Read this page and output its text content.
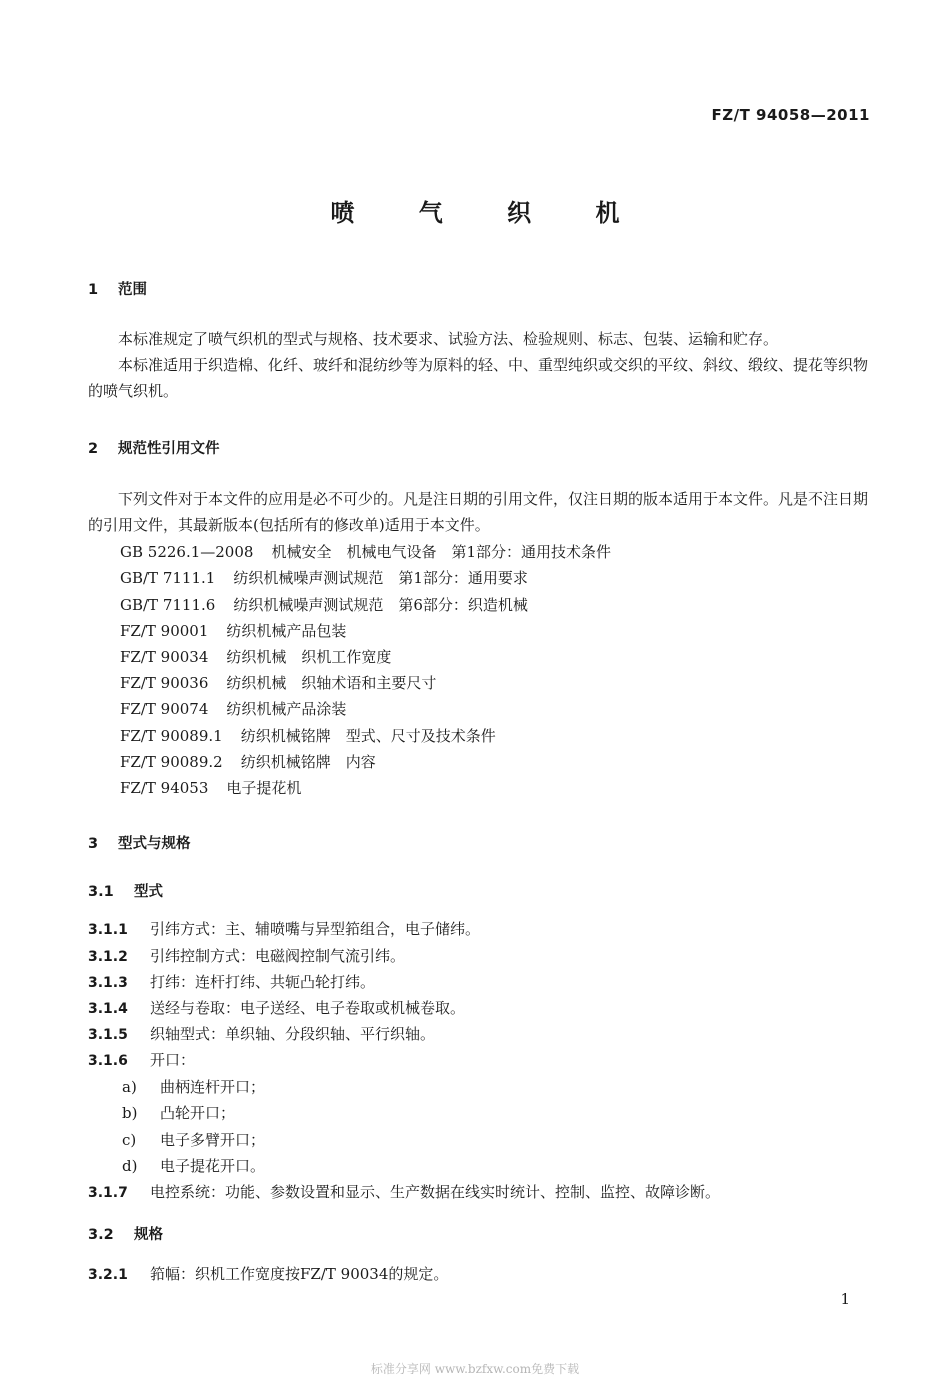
FZ/T 94058—2011
喷 气 织 机
1 范围
本标准规定了喷气织机的型式与规格、技术要求、试验方法、检验规则、标志、包装、运输和贮存。
本标准适用于织造棉、化纤、玻纤和混纺纱等为原料的轻、中、重型纯织或交织的平纹、斜纹、缎纹、提花等织物的喷气织机。
2 规范性引用文件
下列文件对于本文件的应用是必不可少的。凡是注日期的引用文件，仅注日期的版本适用于本文件。凡是不注日期的引用文件，其最新版本(包括所有的修改单)适用于本文件。
GB 5226.1—2008 机械安全　机械电气设备　第1部分：通用技术条件
GB/T 7111.1 纺织机械噪声测试规范　第1部分：通用要求
GB/T 7111.6 纺织机械噪声测试规范　第6部分：织造机械
FZ/T 90001 纺织机械产品包装
FZ/T 90034 纺织机械　织机工作宽度
FZ/T 90036 纺织机械　织轴术语和主要尺寸
FZ/T 90074 纺织机械产品涂装
FZ/T 90089.1 纺织机械铭牌　型式、尺寸及技术条件
FZ/T 90089.2 纺织机械铭牌　内容
FZ/T 94053 电子提花机
3 型式与规格
3.1 型式
3.1.1 引纬方式：主、辅喷嘴与异型筘组合，电子储纬。
3.1.2 引纬控制方式：电磁阀控制气流引纬。
3.1.3 打纬：连杆打纬、共轭凸轮打纬。
3.1.4 送经与卷取：电子送经、电子卷取或机械卷取。
3.1.5 织轴型式：单织轴、分段织轴、平行织轴。
3.1.6 开口：
a) 曲柄连杆开口；
b) 凸轮开口；
c) 电子多臂开口；
d) 电子提花开口。
3.1.7 电控系统：功能、参数设置和显示、生产数据在线实时统计、控制、监控、故障诊断。
3.2 规格
3.2.1 筘幅：织机工作宽度按FZ/T 90034的规定。
1
标准分享网 www.bzfxw.com免费下载
